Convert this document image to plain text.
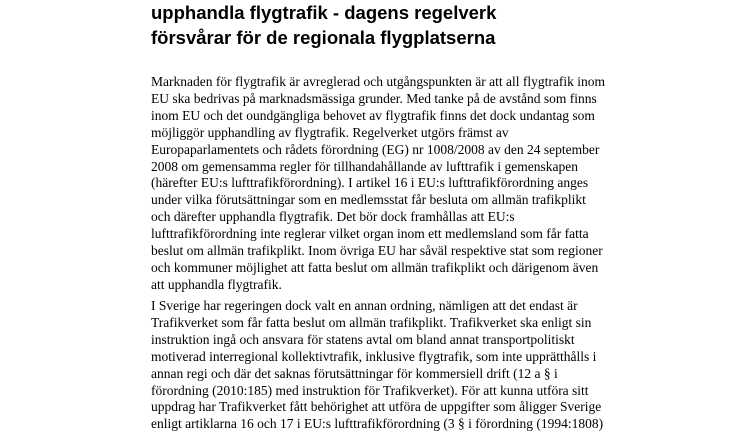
upphandla flygtrafik - dagens regelverk
försvårar för de regionala flygplatserna

Marknaden för flygtrafik är avreglerad och utgångspunkten är att all flygtrafik inom
EU ska bedrivas på marknadsmässiga grunder. Med tanke på de avstånd som finns
inom EU och det oundgängliga behovet av flygtrafik finns det dock undantag som
möjliggör upphandling av flygtrafik. Regelverket utgörs främst av
Europaparlamentets och rådets förordning (EG) nr 1008/2008 av den 24 september
2008 om gemensamma regler för tillhandahållande av lufttrafik i gemenskapen
(härefter EU:s lufttrafikförordning). I artikel 16 i EU:s lufttrafikförordning anges
under vilka förutsättningar som en medlemsstat får besluta om allmän trafikplikt
och därefter upphandla flygtrafik. Det bör dock framhållas att EU:s
lufttrafikförordning inte reglerar vilket organ inom ett medlemsland som får fatta
beslut om allmän trafikplikt. Inom övriga EU har såväl respektive stat som regioner
och kommuner möjlighet att fatta beslut om allmän trafikplikt och därigenom även
att upphandla flygtrafik.

I Sverige har regeringen dock valt en annan ordning, nämligen att det endast är
Trafikverket som får fatta beslut om allmän trafikplikt. Trafikverket ska enligt sin
instruktion ingå och ansvara för statens avtal om bland annat transportpolitiskt
motiverad interregional kollektivtrafik, inklusive flygtrafik, som inte upprätthålls i
annan regi och där det saknas förutsättningar för kommersiell drift (12 a § i
förordning (2010:185) med instruktion för Trafikverket). För att kunna utföra sitt
uppdrag har Trafikverket fått behörighet att utföra de uppgifter som åligger Sverige
enligt artiklarna 16 och 17 i EU:s lufttrafikförordning (3 § i förordning (1994:1808)
